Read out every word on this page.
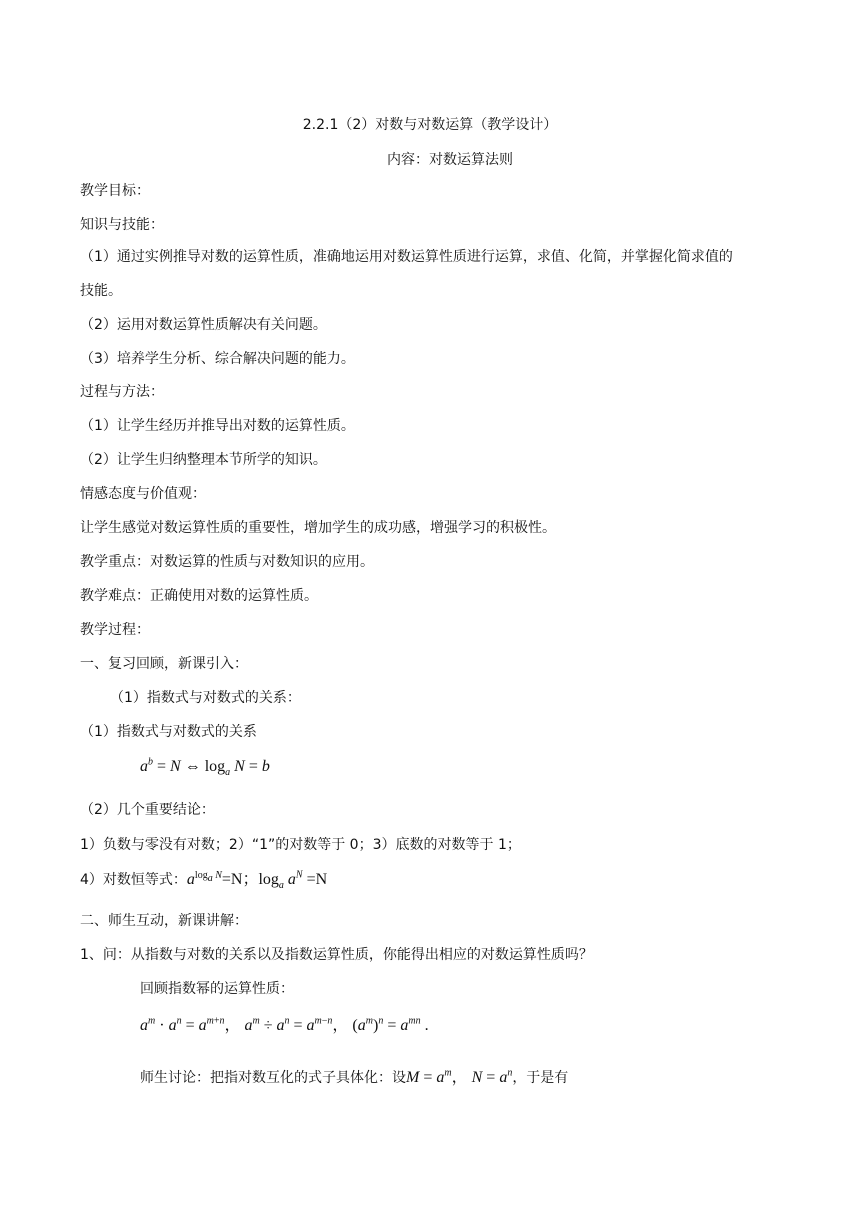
2.2.1（2）对数与对数运算（教学设计）
内容：对数运算法则
教学目标：
知识与技能：
（1）通过实例推导对数的运算性质，准确地运用对数运算性质进行运算，求值、化简，并掌握化简求值的
技能。
（2）运用对数运算性质解决有关问题。
（3）培养学生分析、综合解决问题的能力。
过程与方法：
（1）让学生经历并推导出对数的运算性质。
（2）让学生归纳整理本节所学的知识。
情感态度与价值观：
让学生感觉对数运算性质的重要性，增加学生的成功感，增强学习的积极性。
教学重点：对数运算的性质与对数知识的应用。
教学难点：正确使用对数的运算性质。
教学过程：
一、复习回顾，新课引入：
（1）指数式与对数式的关系：
（1）指数式与对数式的关系
$a^b = N$ ⇔ $\log_a N = b$
（2）几个重要结论：
1）负数与零没有对数；2）“1”的对数等于 0；3）底数的对数等于 1；
4）对数恒等式：$a^{log_a N}=N$；$\log_a a^N =N$
二、师生互动，新课讲解：
1、问：从指数与对数的关系以及指数运算性质，你能得出相应的对数运算性质吗？
回顾指数幂的运算性质：
$a^m \cdot a^n = a^{m+n}$， $a^m \div a^n = a^{m-n}$， $(a^m)^n = a^{mn}$ .
师生讨论：把指对数互化的式子具体化：设$M = a^m$， $N = a^n$，于是有
